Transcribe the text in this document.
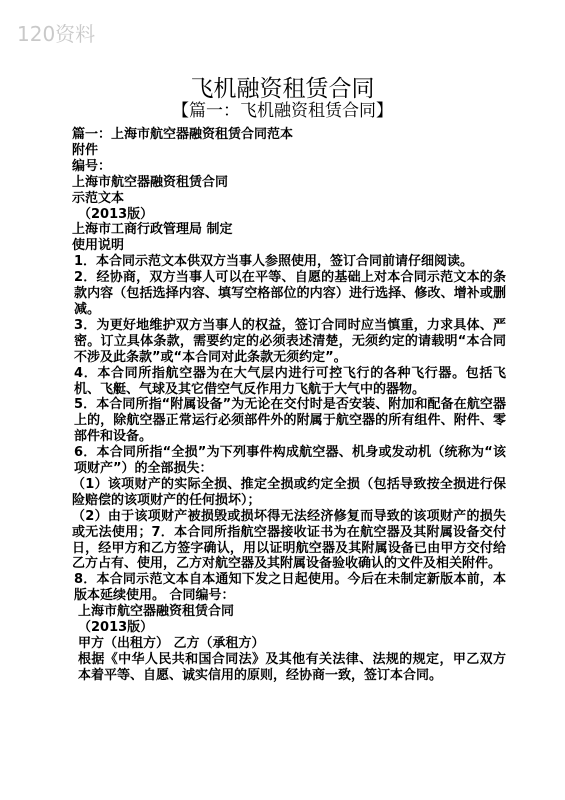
120资料
飞机融资租赁合同
【篇一：飞机融资租赁合同】
篇一：上海市航空器融资租赁合同范本
附件
编号：
上海市航空器融资租赁合同
示范文本
（2013版）
上海市工商行政管理局 制定
使用说明
1．本合同示范文本供双方当事人参照使用，签订合同前请仔细阅读。
2．经协商，双方当事人可以在平等、自愿的基础上对本合同示范文本的条款内容（包括选择内容、填写空格部位的内容）进行选择、修改、增补或删减。
3．为更好地维护双方当事人的权益，签订合同时应当慎重，力求具体、严密。订立具体条款，需要约定的必须表述清楚，无须约定的请载明“本合同不涉及此条款”或“本合同对此条款无须约定”。
4．本合同所指航空器为在大气层内进行可控飞行的各种飞行器。包括飞机、飞艇、气球及其它借空气反作用力飞航于大气中的器物。
5．本合同所指“附属设备”为无论在交付时是否安装、附加和配备在航空器上的，除航空器正常运行必须部件外的附属于航空器的所有组件、附件、零部件和设备。
6．本合同所指“全损”为下列事件构成航空器、机身或发动机（统称为“该项财产”）的全部损失：
（1）该项财产的实际全损、推定全损或约定全损（包括导致按全损进行保险赔偿的该项财产的任何损坏）；
（2）由于该项财产被损毁或损坏得无法经济修复而导致的该项财产的损失或无法使用；7．本合同所指航空器接收证书为在航空器及其附属设备交付日，经甲方和乙方签字确认，用以证明航空器及其附属设备已由甲方交付给乙方占有、使用，乙方对航空器及其附属设备验收确认的文件及相关附件。
8．本合同示范文本自本通知下发之日起使用。今后在未制定新版本前，本版本延续使用。 合同编号：
上海市航空器融资租赁合同
（2013版）
甲方（出租方） 乙方（承租方）
根据《中华人民共和国合同法》及其他有关法律、法规的规定，甲乙双方本着平等、自愿、诚实信用的原则，经协商一致，签订本合同。
